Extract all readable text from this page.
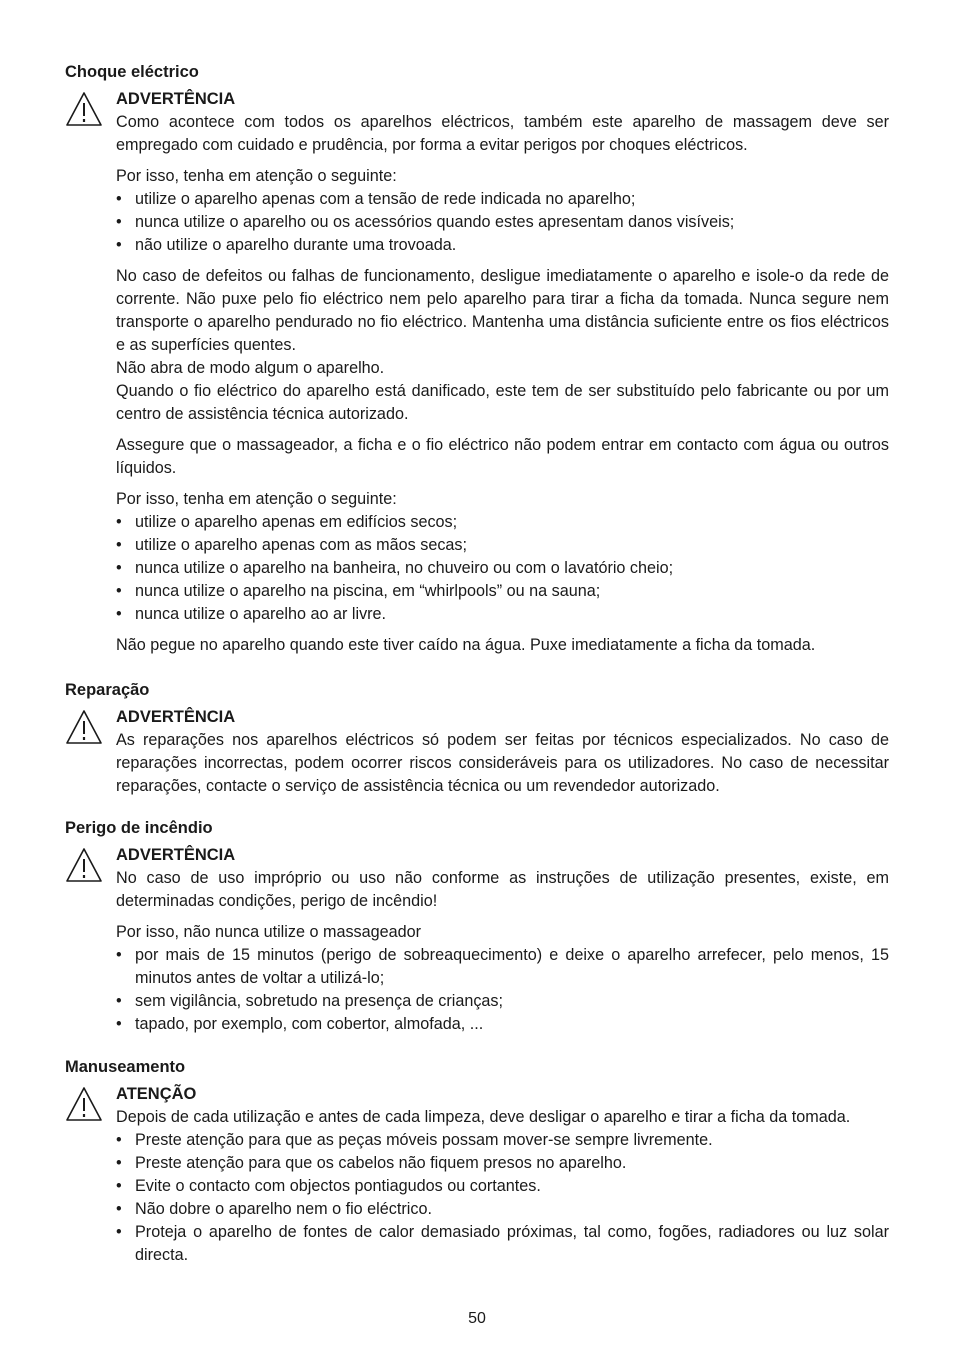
Choque eléctrico
ADVERTÊNCIA
Como acontece com todos os aparelhos eléctricos, também este aparelho de massagem deve ser empregado com cuidado e prudência, por forma a evitar perigos por choques eléctricos.
Por isso, tenha em atenção o seguinte:
• utilize o aparelho apenas com a tensão de rede indicada no aparelho;
• nunca utilize o aparelho ou os acessórios quando estes apresentam danos visíveis;
• não utilize o aparelho durante uma trovoada.
No caso de defeitos ou falhas de funcionamento, desligue imediatamente o aparelho e isole-o da rede de corrente. Não puxe pelo fio eléctrico nem pelo aparelho para tirar a ficha da tomada. Nunca segure nem transporte o aparelho pendurado no fio eléctrico. Mantenha uma distância suficiente entre os fios eléctricos e as superfícies quentes.
Não abra de modo algum o aparelho.
Quando o fio eléctrico do aparelho está danificado, este tem de ser substituído pelo fabricante ou por um centro de assistência técnica autorizado.
Assegure que o massageador, a ficha e o fio eléctrico não podem entrar em contacto com água ou outros líquidos.
Por isso, tenha em atenção o seguinte:
• utilize o aparelho apenas em edifícios secos;
• utilize o aparelho apenas com as mãos secas;
• nunca utilize o aparelho na banheira, no chuveiro ou com o lavatório cheio;
• nunca utilize o aparelho na piscina, em “whirlpools” ou na sauna;
• nunca utilize o aparelho ao ar livre.
Não pegue no aparelho quando este tiver caído na água. Puxe imediatamente a ficha da tomada.
Reparação
ADVERTÊNCIA
As reparações nos aparelhos eléctricos só podem ser feitas por técnicos especializados. No caso de reparações incorrectas, podem ocorrer riscos consideráveis para os utilizadores. No caso de necessitar reparações, contacte o serviço de assistência técnica ou um revendedor autorizado.
Perigo de incêndio
ADVERTÊNCIA
No caso de uso impróprio ou uso não conforme as instruções de utilização presentes, existe, em determinadas condições, perigo de incêndio!
Por isso, não nunca utilize o massageador
• por mais de 15 minutos (perigo de sobreaquecimento) e deixe o aparelho arrefecer, pelo menos, 15 minutos antes de voltar a utilizá-lo;
• sem vigilância, sobretudo na presença de crianças;
• tapado, por exemplo, com cobertor, almofada, ...
Manuseamento
ATENÇÃO
Depois de cada utilização e antes de cada limpeza, deve desligar o aparelho e tirar a ficha da tomada.
• Preste atenção para que as peças móveis possam mover-se sempre livremente.
• Preste atenção para que os cabelos não fiquem presos no aparelho.
• Evite o contacto com objectos pontiagudos ou cortantes.
• Não dobre o aparelho nem o fio eléctrico.
• Proteja o aparelho de fontes de calor demasiado próximas, tal como, fogões, radiadores ou luz solar directa.
50
